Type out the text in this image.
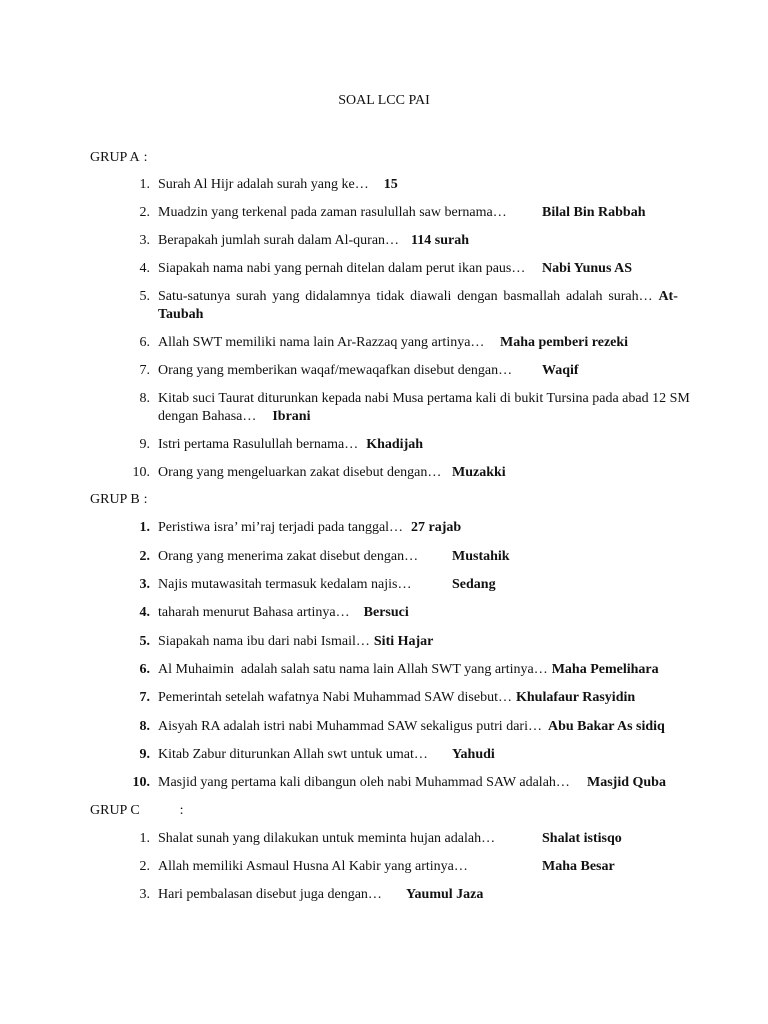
SOAL LCC PAI
GRUP A :
1. Surah Al Hijr adalah surah yang ke… 15
2. Muadzin yang terkenal pada zaman rasulullah saw bernama…	Bilal Bin Rabbah
3. Berapakah jumlah surah dalam Al-quran… 114 surah
4. Siapakah nama nabi yang pernah ditelan dalam perut ikan paus… Nabi Yunus AS
5. Satu-satunya surah yang didalamnya tidak diawali dengan basmallah adalah surah… At-
Taubah
6. Allah SWT memiliki nama lain Ar-Razzaq yang artinya… Maha pemberi rezeki
7. Orang yang memberikan waqaf/mewaqafkan disebut dengan… Waqif
8. Kitab suci Taurat diturunkan kepada nabi Musa pertama kali di bukit Tursina pada abad 12 SM
dengan Bahasa… Ibrani
9. Istri pertama Rasulullah bernama… Khadijah
10. Orang yang mengeluarkan zakat disebut dengan… Muzakki
GRUP B :
1. Peristiwa isra’ mi’raj terjadi pada tanggal… 27 rajab
2. Orang yang menerima zakat disebut dengan… Mustahik
3. Najis mutawasitah termasuk kedalam najis…	Sedang
4. taharah menurut Bahasa artinya… Bersuci
5. Siapakah nama ibu dari nabi Ismail… Siti Hajar
6. Al Muhaimin  adalah salah satu nama lain Allah SWT yang artinya… Maha Pemelihara
7. Pemerintah setelah wafatnya Nabi Muhammad SAW disebut… Khulafaur Rasyidin
8. Aisyah RA adalah istri nabi Muhammad SAW sekaligus putri dari… Abu Bakar As sidiq
9. Kitab Zabur diturunkan Allah swt untuk umat… Yahudi
10. Masjid yang pertama kali dibangun oleh nabi Muhammad SAW adalah… Masjid Quba
GRUP C	:
1. Shalat sunah yang dilakukan untuk meminta hujan adalah…	Shalat istisqo
2. Allah memiliki Asmaul Husna Al Kabir yang artinya…	Maha Besar
3. Hari pembalasan disebut juga dengan… Yaumul Jaza
